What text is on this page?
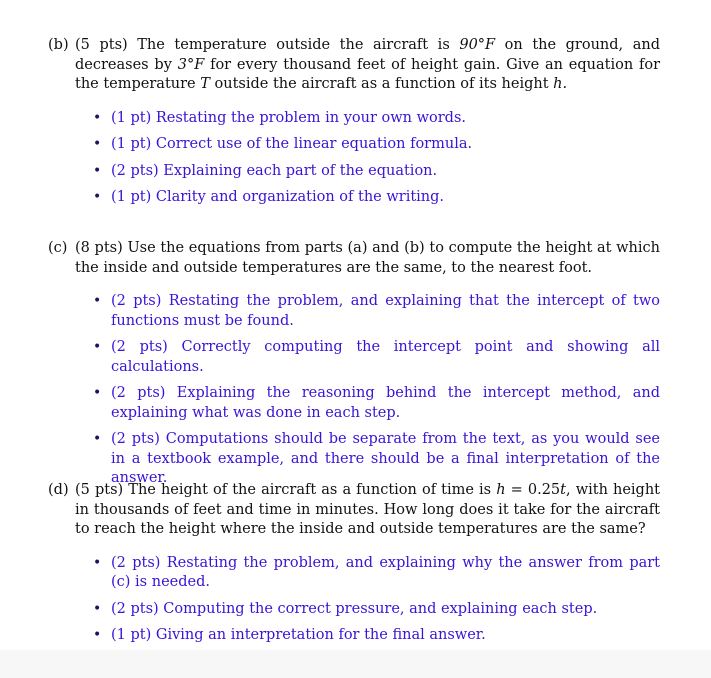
(b) (5 pts) The temperature outside the aircraft is 90°F on the ground, and decreases by 3°F for every thousand feet of height gain. Give an equation for the temperature T outside the aircraft as a function of its height h.
• (1 pt) Restating the problem in your own words.
• (1 pt) Correct use of the linear equation formula.
• (2 pts) Explaining each part of the equation.
• (1 pt) Clarity and organization of the writing.
(c) (8 pts) Use the equations from parts (a) and (b) to compute the height at which the inside and outside temperatures are the same, to the nearest foot.
• (2 pts) Restating the problem, and explaining that the intercept of two functions must be found.
• (2 pts) Correctly computing the intercept point and showing all calculations.
• (2 pts) Explaining the reasoning behind the intercept method, and explaining what was done in each step.
• (2 pts) Computations should be separate from the text, as you would see in a textbook example, and there should be a final interpretation of the answer.
(d) (5 pts) The height of the aircraft as a function of time is h = 0.25t, with height in thousands of feet and time in minutes. How long does it take for the aircraft to reach the height where the inside and outside temperatures are the same?
• (2 pts) Restating the problem, and explaining why the answer from part (c) is needed.
• (2 pts) Computing the correct pressure, and explaining each step.
• (1 pt) Giving an interpretation for the final answer.
